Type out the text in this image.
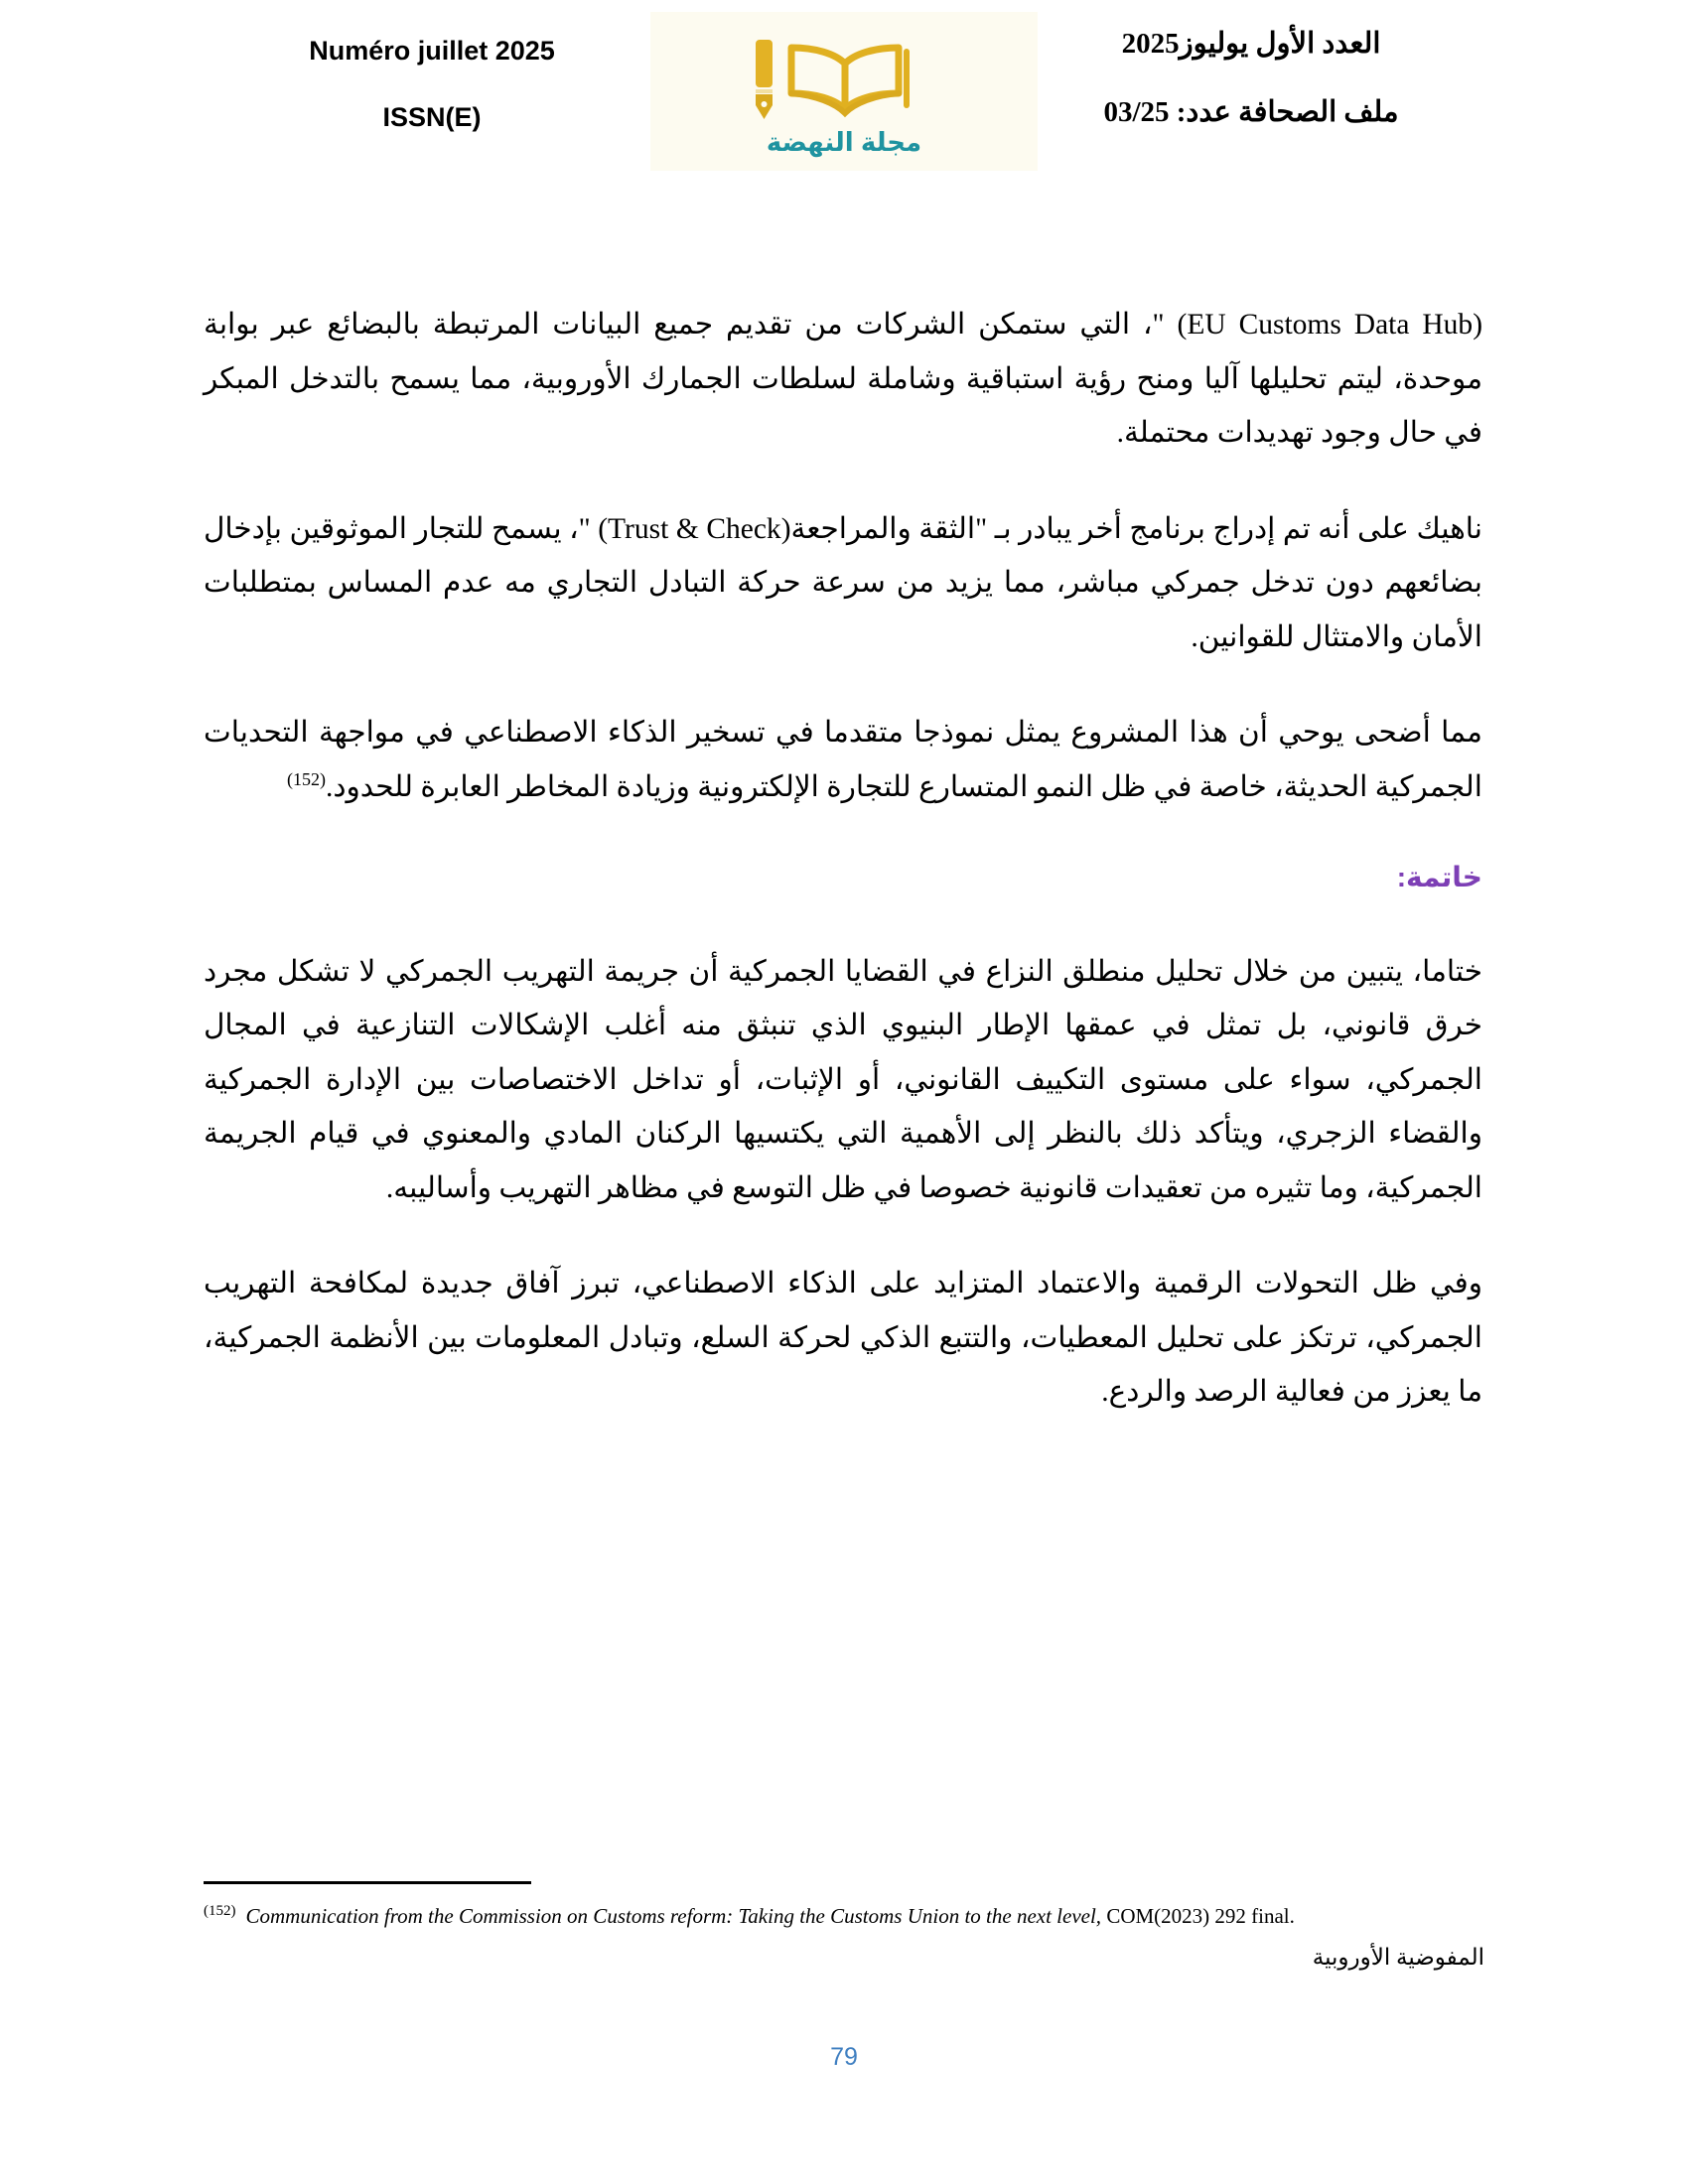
Numéro juillet 2025
ISSN(E)
مجلة النهضة
العدد الأول يوليوز2025
ملف الصحافة عدد: 03/25

(EU Customs Data Hub) "، التي ستمكن الشركات من تقديم جميع البيانات المرتبطة بالبضائع عبر بوابة موحدة، ليتم تحليلها آليا ومنح رؤية استباقية وشاملة لسلطات الجمارك الأوروبية، مما يسمح بالتدخل المبكر في حال وجود تهديدات محتملة.

ناهيك على أنه تم إدراج برنامج أخر يبادر بـ "الثقة والمراجعة(Trust & Check) "، يسمح للتجار الموثوقين بإدخال بضائعهم دون تدخل جمركي مباشر، مما يزيد من سرعة حركة التبادل التجاري مه عدم المساس بمتطلبات الأمان والامتثال للقوانين.

مما أضحى يوحي أن هذا المشروع يمثل نموذجا متقدما في تسخير الذكاء الاصطناعي في مواجهة التحديات الجمركية الحديثة، خاصة في ظل النمو المتسارع للتجارة الإلكترونية وزيادة المخاطر العابرة للحدود.$^{(152)}$

خاتمة:

ختاما، يتبين من خلال تحليل منطلق النزاع في القضايا الجمركية أن جريمة التهريب الجمركي لا تشكل مجرد خرق قانوني، بل تمثل في عمقها الإطار البنيوي الذي تنبثق منه أغلب الإشكالات التنازعية في المجال الجمركي، سواء على مستوى التكييف القانوني، أو الإثبات، أو تداخل الاختصاصات بين الإدارة الجمركية والقضاء الزجري، ويتأكد ذلك بالنظر إلى الأهمية التي يكتسيها الركنان المادي والمعنوي في قيام الجريمة الجمركية، وما تثيره من تعقيدات قانونية خصوصا في ظل التوسع في مظاهر التهريب وأساليبه.

وفي ظل التحولات الرقمية والاعتماد المتزايد على الذكاء الاصطناعي، تبرز آفاق جديدة لمكافحة التهريب الجمركي، ترتكز على تحليل المعطيات، والتتبع الذكي لحركة السلع، وتبادل المعلومات بين الأنظمة الجمركية، ما يعزز من فعالية الرصد والردع.

$^{(152)}$ Communication from the Commission on Customs reform: Taking the Customs Union to the next level, COM(2023) 292 final.
المفوضية الأوروبية
79
